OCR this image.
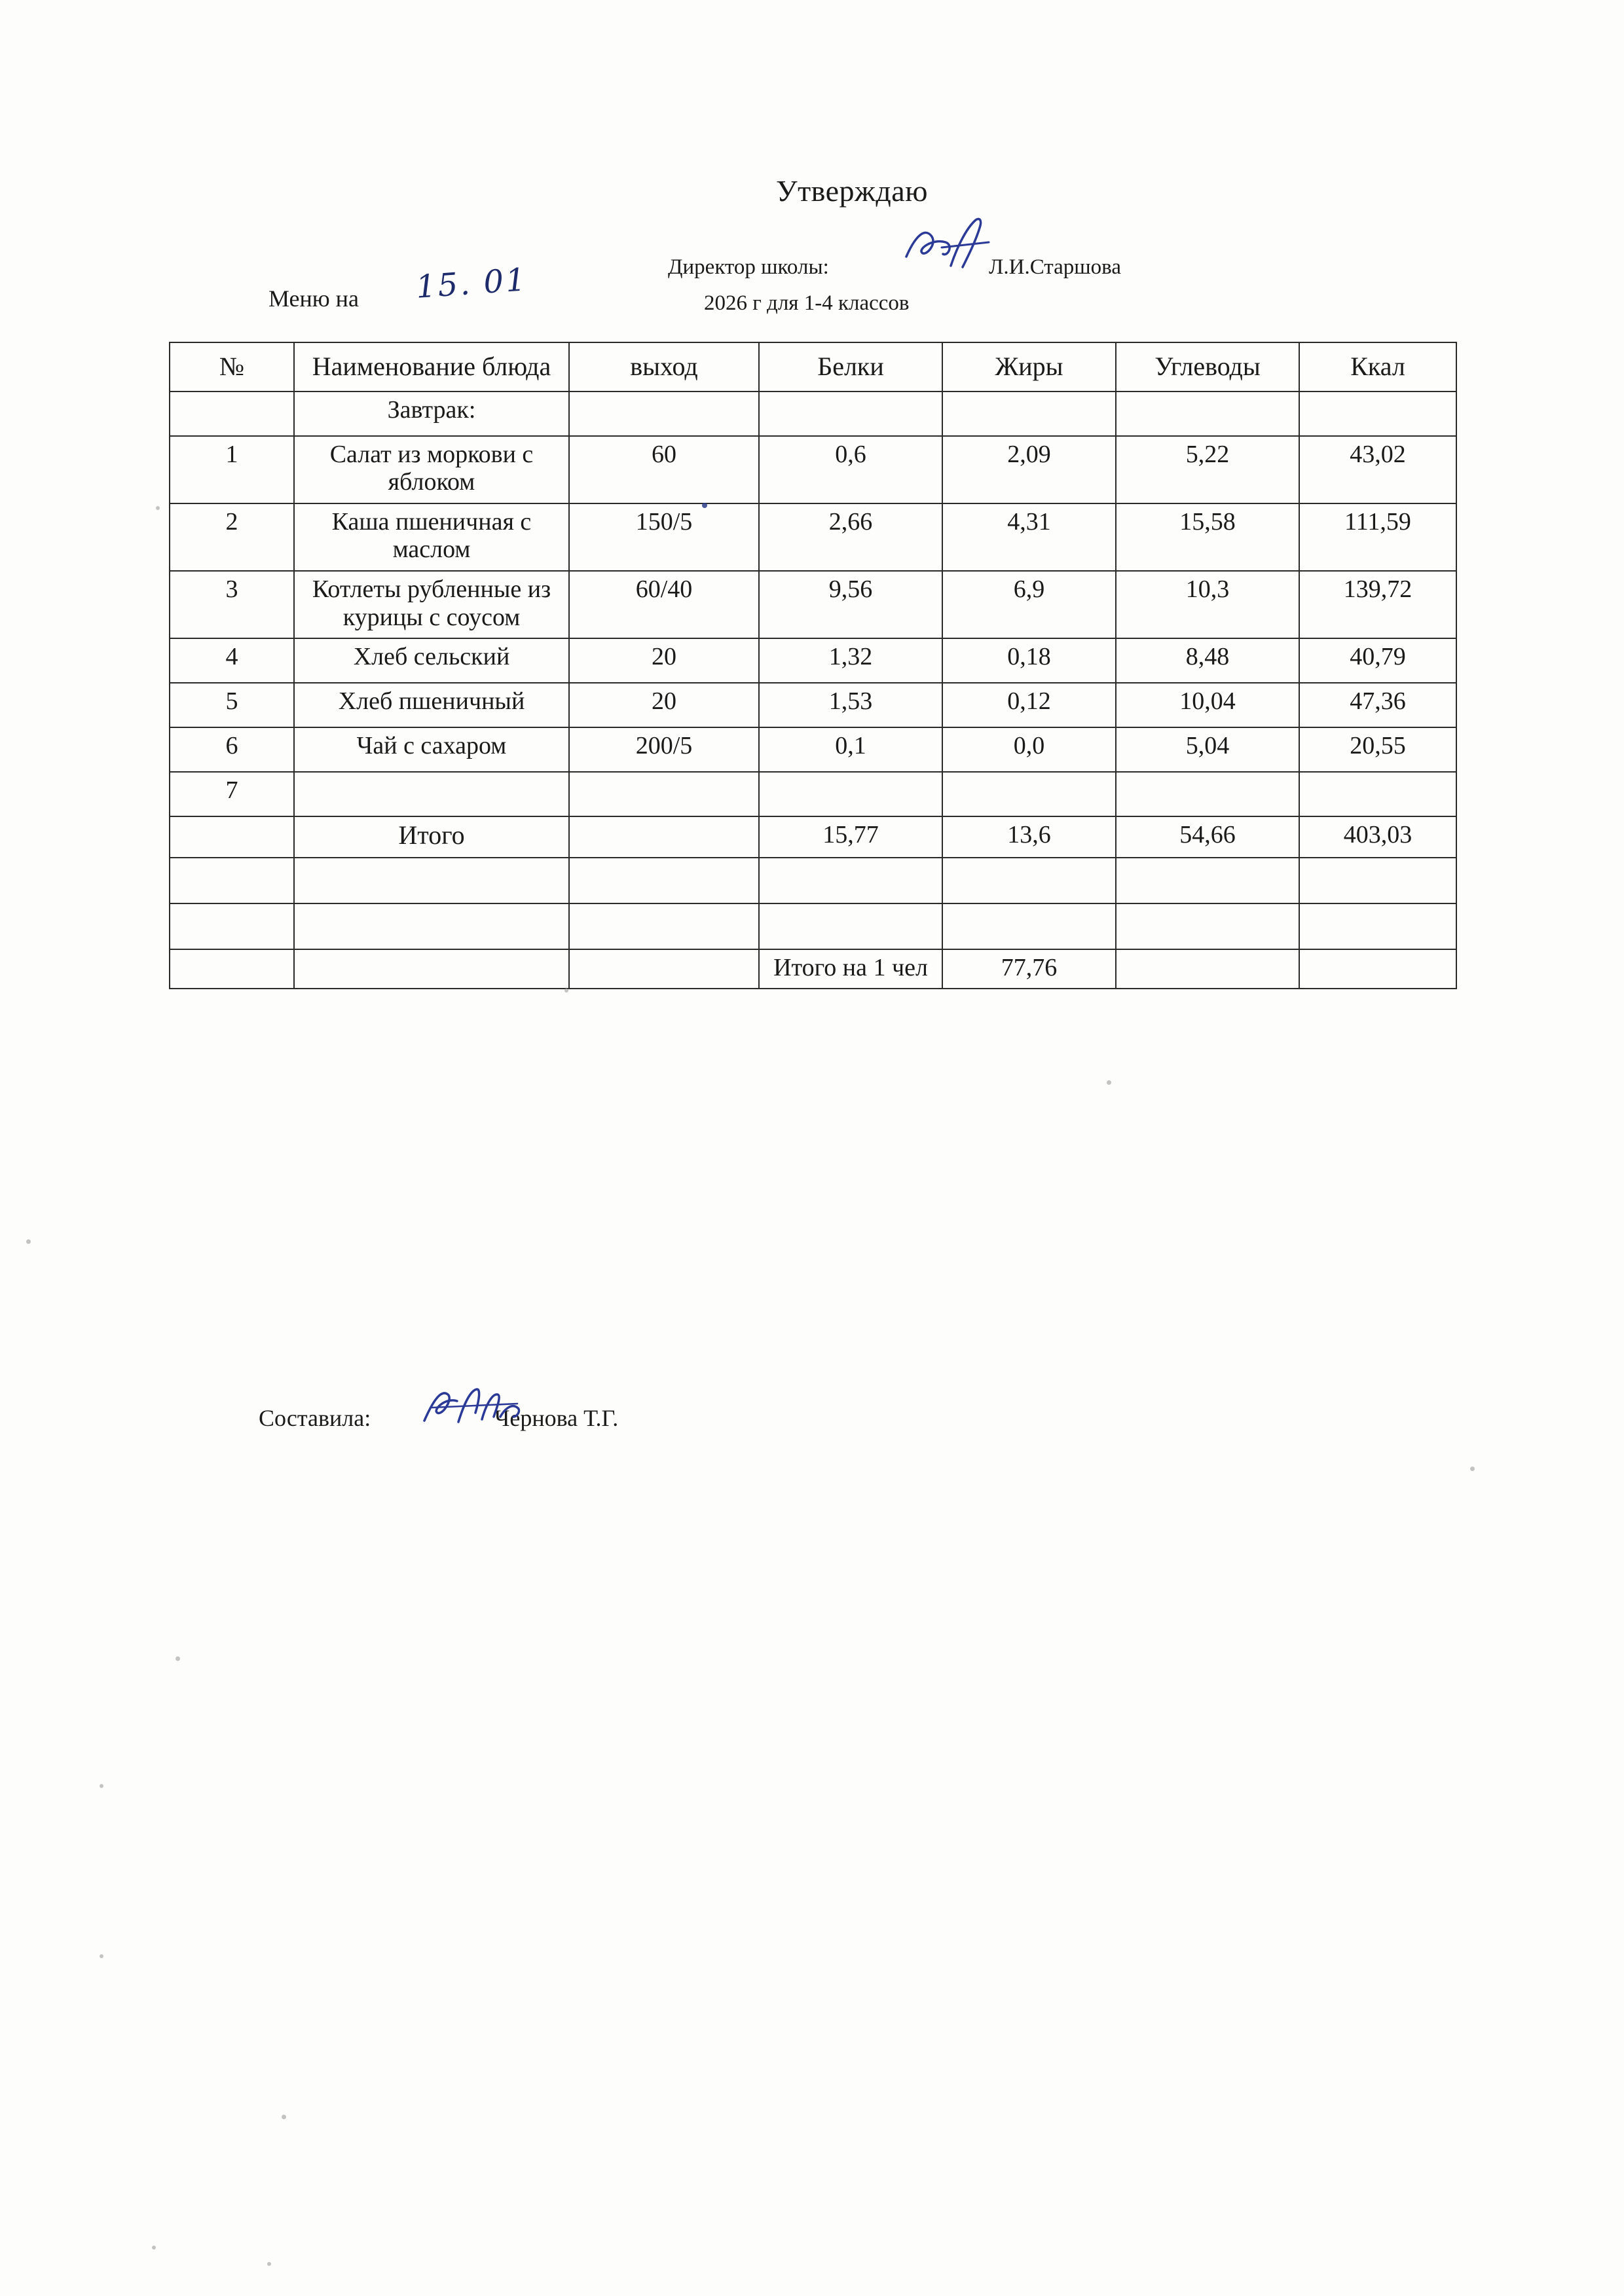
Утверждаю
Директор школы:	Л.И.Старшова
2026 г для 1-4 классов
Меню на 15. 01
№	Наименование блюда	выход	Белки	Жиры	Углеводы	Ккал
	Завтрак:					
1	Салат из моркови с яблоком	60	0,6	2,09	5,22	43,02
2	Каша пшеничная с маслом	150/5	2,66	4,31	15,58	111,59
3	Котлеты рубленные из курицы с соусом	60/40	9,56	6,9	10,3	139,72
4	Хлеб сельский	20	1,32	0,18	8,48	40,79
5	Хлеб пшеничный	20	1,53	0,12	10,04	47,36
6	Чай с сахаром	200/5	0,1	0,0	5,04	20,55
7						
	Итого		15,77	13,6	54,66	403,03

			Итого на 1 чел	77,76		
Составила:	Чернова Т.Г.
